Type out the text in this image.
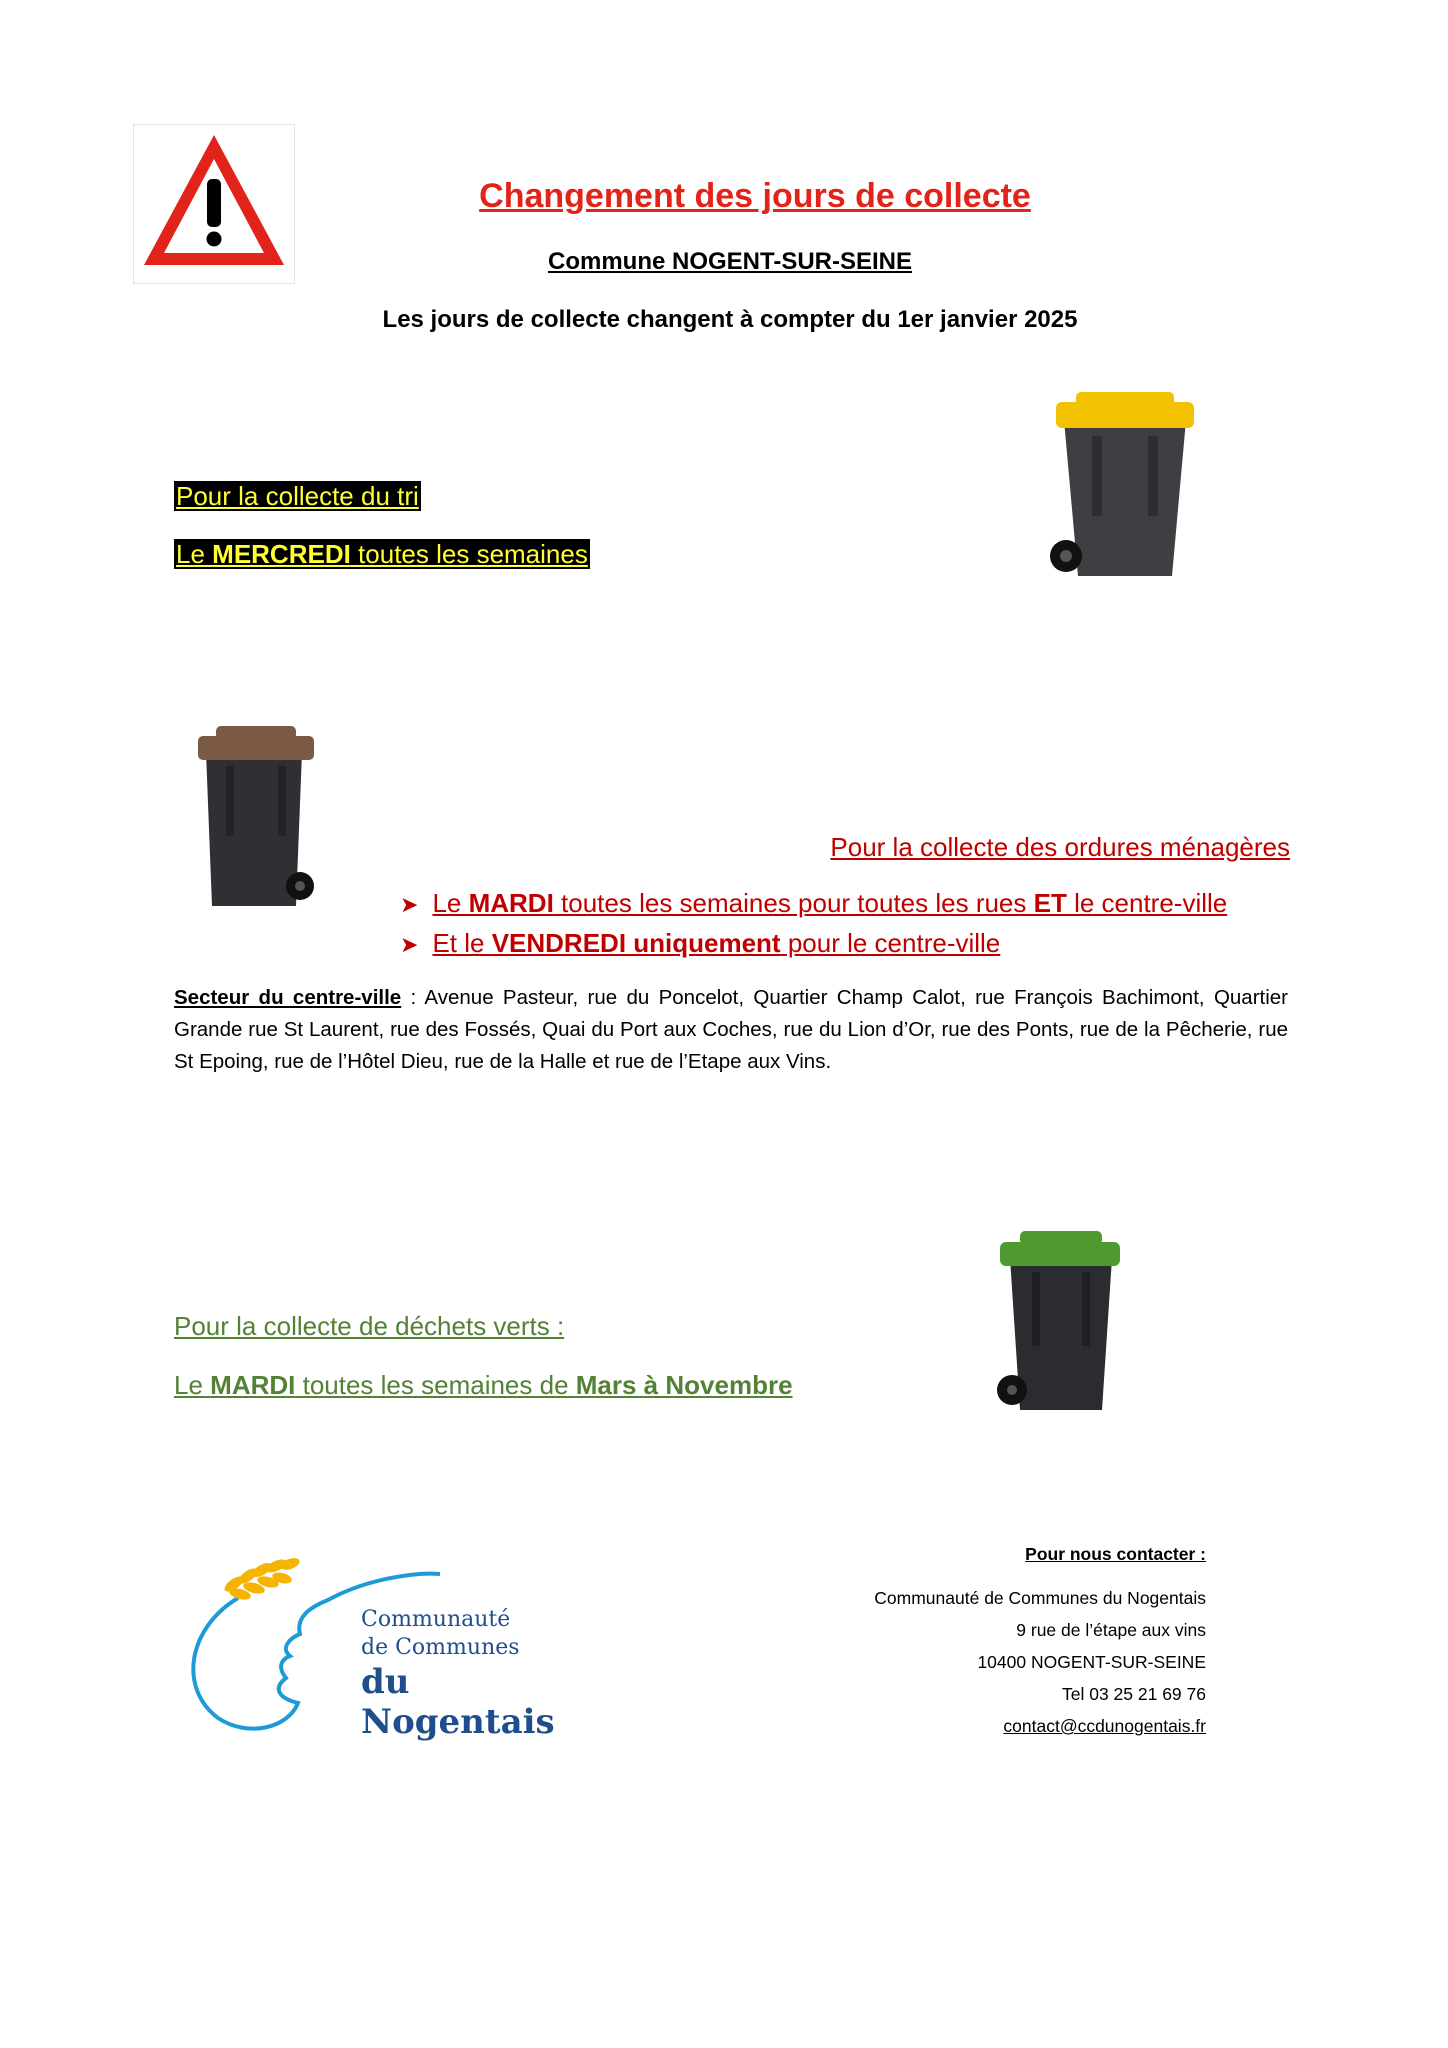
Changement des jours de collecte
Commune NOGENT-SUR-SEINE
Les jours de collecte changent à compter du 1er janvier 2025
Pour la collecte du tri
Le MERCREDI toutes les semaines
Pour la collecte des ordures ménagères
➤ Le MARDI toutes les semaines pour toutes les rues ET le centre-ville
➤ Et le VENDREDI uniquement pour le centre-ville
Secteur du centre-ville : Avenue Pasteur, rue du Poncelot, Quartier Champ Calot, rue François Bachimont, Quartier Grande rue St Laurent, rue des Fossés, Quai du Port aux Coches, rue du Lion d’Or, rue des Ponts, rue de la Pêcherie, rue St Epoing, rue de l’Hôtel Dieu, rue de la Halle et rue de l’Etape aux Vins.
Pour la collecte de déchets verts :
Le MARDI toutes les semaines de Mars à Novembre
Communauté
de Communes
du Nogentais
Pour nous contacter :
Communauté de Communes du Nogentais
9 rue de l’étape aux vins
10400 NOGENT-SUR-SEINE
Tel 03 25 21 69 76
contact@ccdunogentais.fr
